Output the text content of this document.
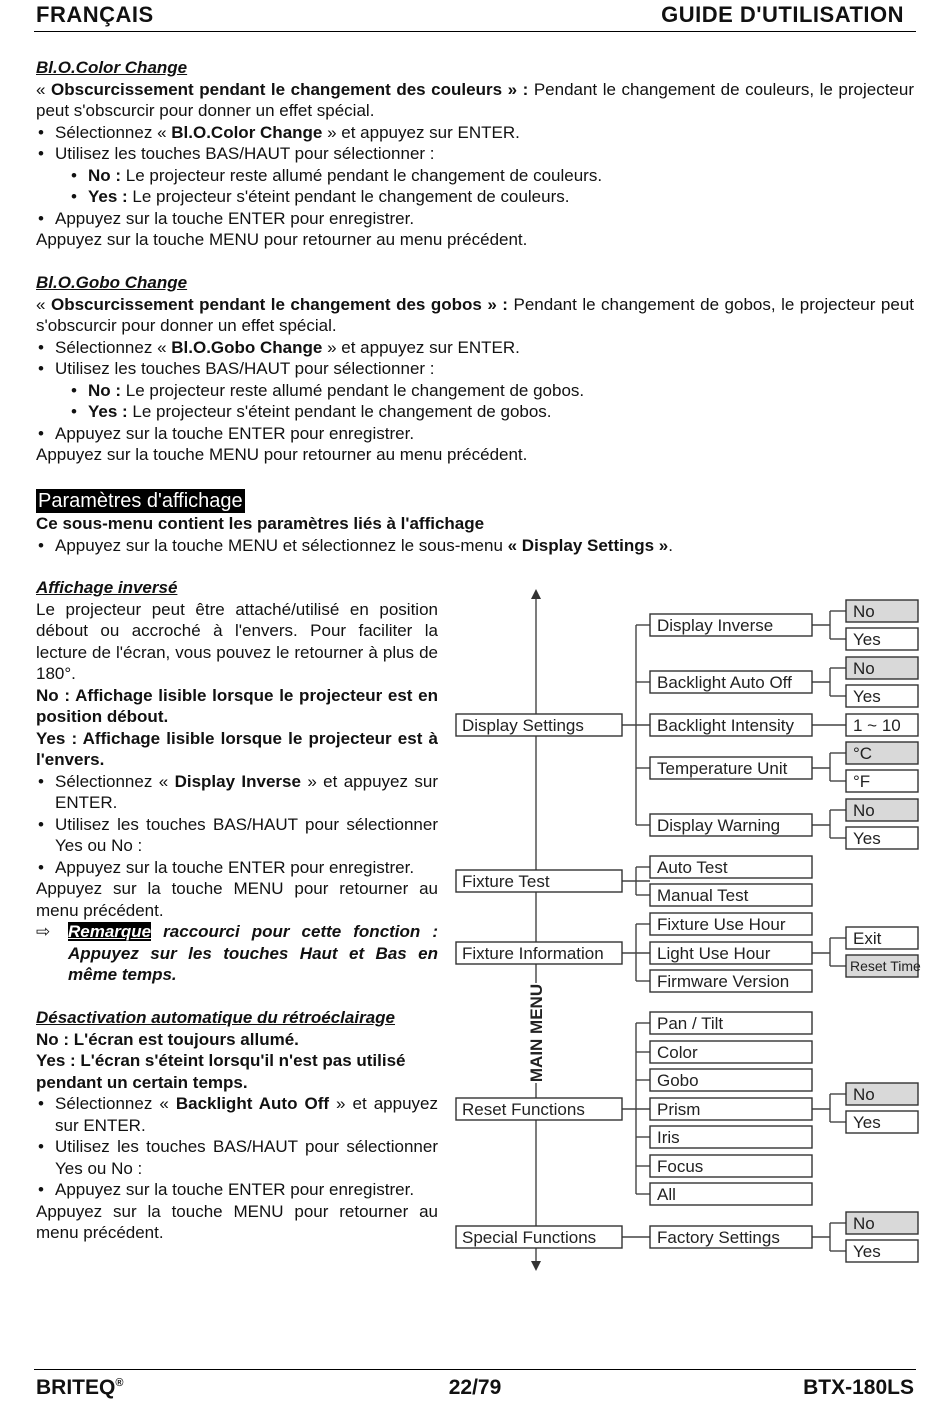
FRANÇAIS	GUIDE D'UTILISATION

Bl.O.Color Change

« Obscurcissement pendant le changement des couleurs » : Pendant le changement de couleurs, le projecteur peut s'obscurcir pour donner un effet spécial.

• Sélectionnez « Bl.O.Color Change » et appuyez sur ENTER.
• Utilisez les touches BAS/HAUT pour sélectionner :
• No : Le projecteur reste allumé pendant le changement de couleurs.
• Yes : Le projecteur s'éteint pendant le changement de couleurs.
• Appuyez sur la touche ENTER pour enregistrer.

Appuyez sur la touche MENU pour retourner au menu précédent.

Bl.O.Gobo Change

« Obscurcissement pendant le changement des gobos » : Pendant le changement de gobos, le projecteur peut s'obscurcir pour donner un effet spécial.

• Sélectionnez « Bl.O.Gobo Change » et appuyez sur ENTER.
• Utilisez les touches BAS/HAUT pour sélectionner :
• No : Le projecteur reste allumé pendant le changement de gobos.
• Yes : Le projecteur s'éteint pendant le changement de gobos.
• Appuyez sur la touche ENTER pour enregistrer.

Appuyez sur la touche MENU pour retourner au menu précédent.

Paramètres d'affichage

Ce sous-menu contient les paramètres liés à l'affichage

• Appuyez sur la touche MENU et sélectionnez le sous-menu « Display Settings ».

Affichage inversé

Le projecteur peut être attaché/utilisé en position débout ou accroché à l'envers. Pour faciliter la lecture de l'écran, vous pouvez le retourner à plus de 180°.

No : Affichage lisible lorsque le projecteur est en position débout.

Yes : Affichage lisible lorsque le projecteur est à l'envers.

• Sélectionnez « Display Inverse » et appuyez sur ENTER.
• Utilisez les touches BAS/HAUT pour sélectionner Yes ou No :
• Appuyez sur la touche ENTER pour enregistrer.

Appuyez sur la touche MENU pour retourner au menu précédent.

⇨ Remarque raccourci pour cette fonction : Appuyez sur les touches Haut et Bas en même temps.

Désactivation automatique du rétroéclairage

No : L'écran est toujours allumé.

Yes : L'écran s'éteint lorsqu'il n'est pas utilisé pendant un certain temps.

• Sélectionnez « Backlight Auto Off » et appuyez sur ENTER.
• Utilisez les touches BAS/HAUT pour sélectionner Yes ou No :
• Appuyez sur la touche ENTER pour enregistrer.

Appuyez sur la touche MENU pour retourner au menu précédent.

MAIN MENU
Display Settings
Fixture Test
Fixture Information
Reset Functions
Special Functions
Display Inverse
Backlight Auto Off
Backlight Intensity
Temperature Unit
Display Warning
Auto Test
Manual Test
Fixture Use Hour
Light Use Hour
Firmware Version
Pan / Tilt
Color
Gobo
Prism
Iris
Focus
All
Factory Settings
No
Yes
No
Yes
1 ~ 10
°C
°F
No
Yes
Exit
Reset Time
No
Yes
No
Yes
BRITEQ®	22/79	BTX-180LS
